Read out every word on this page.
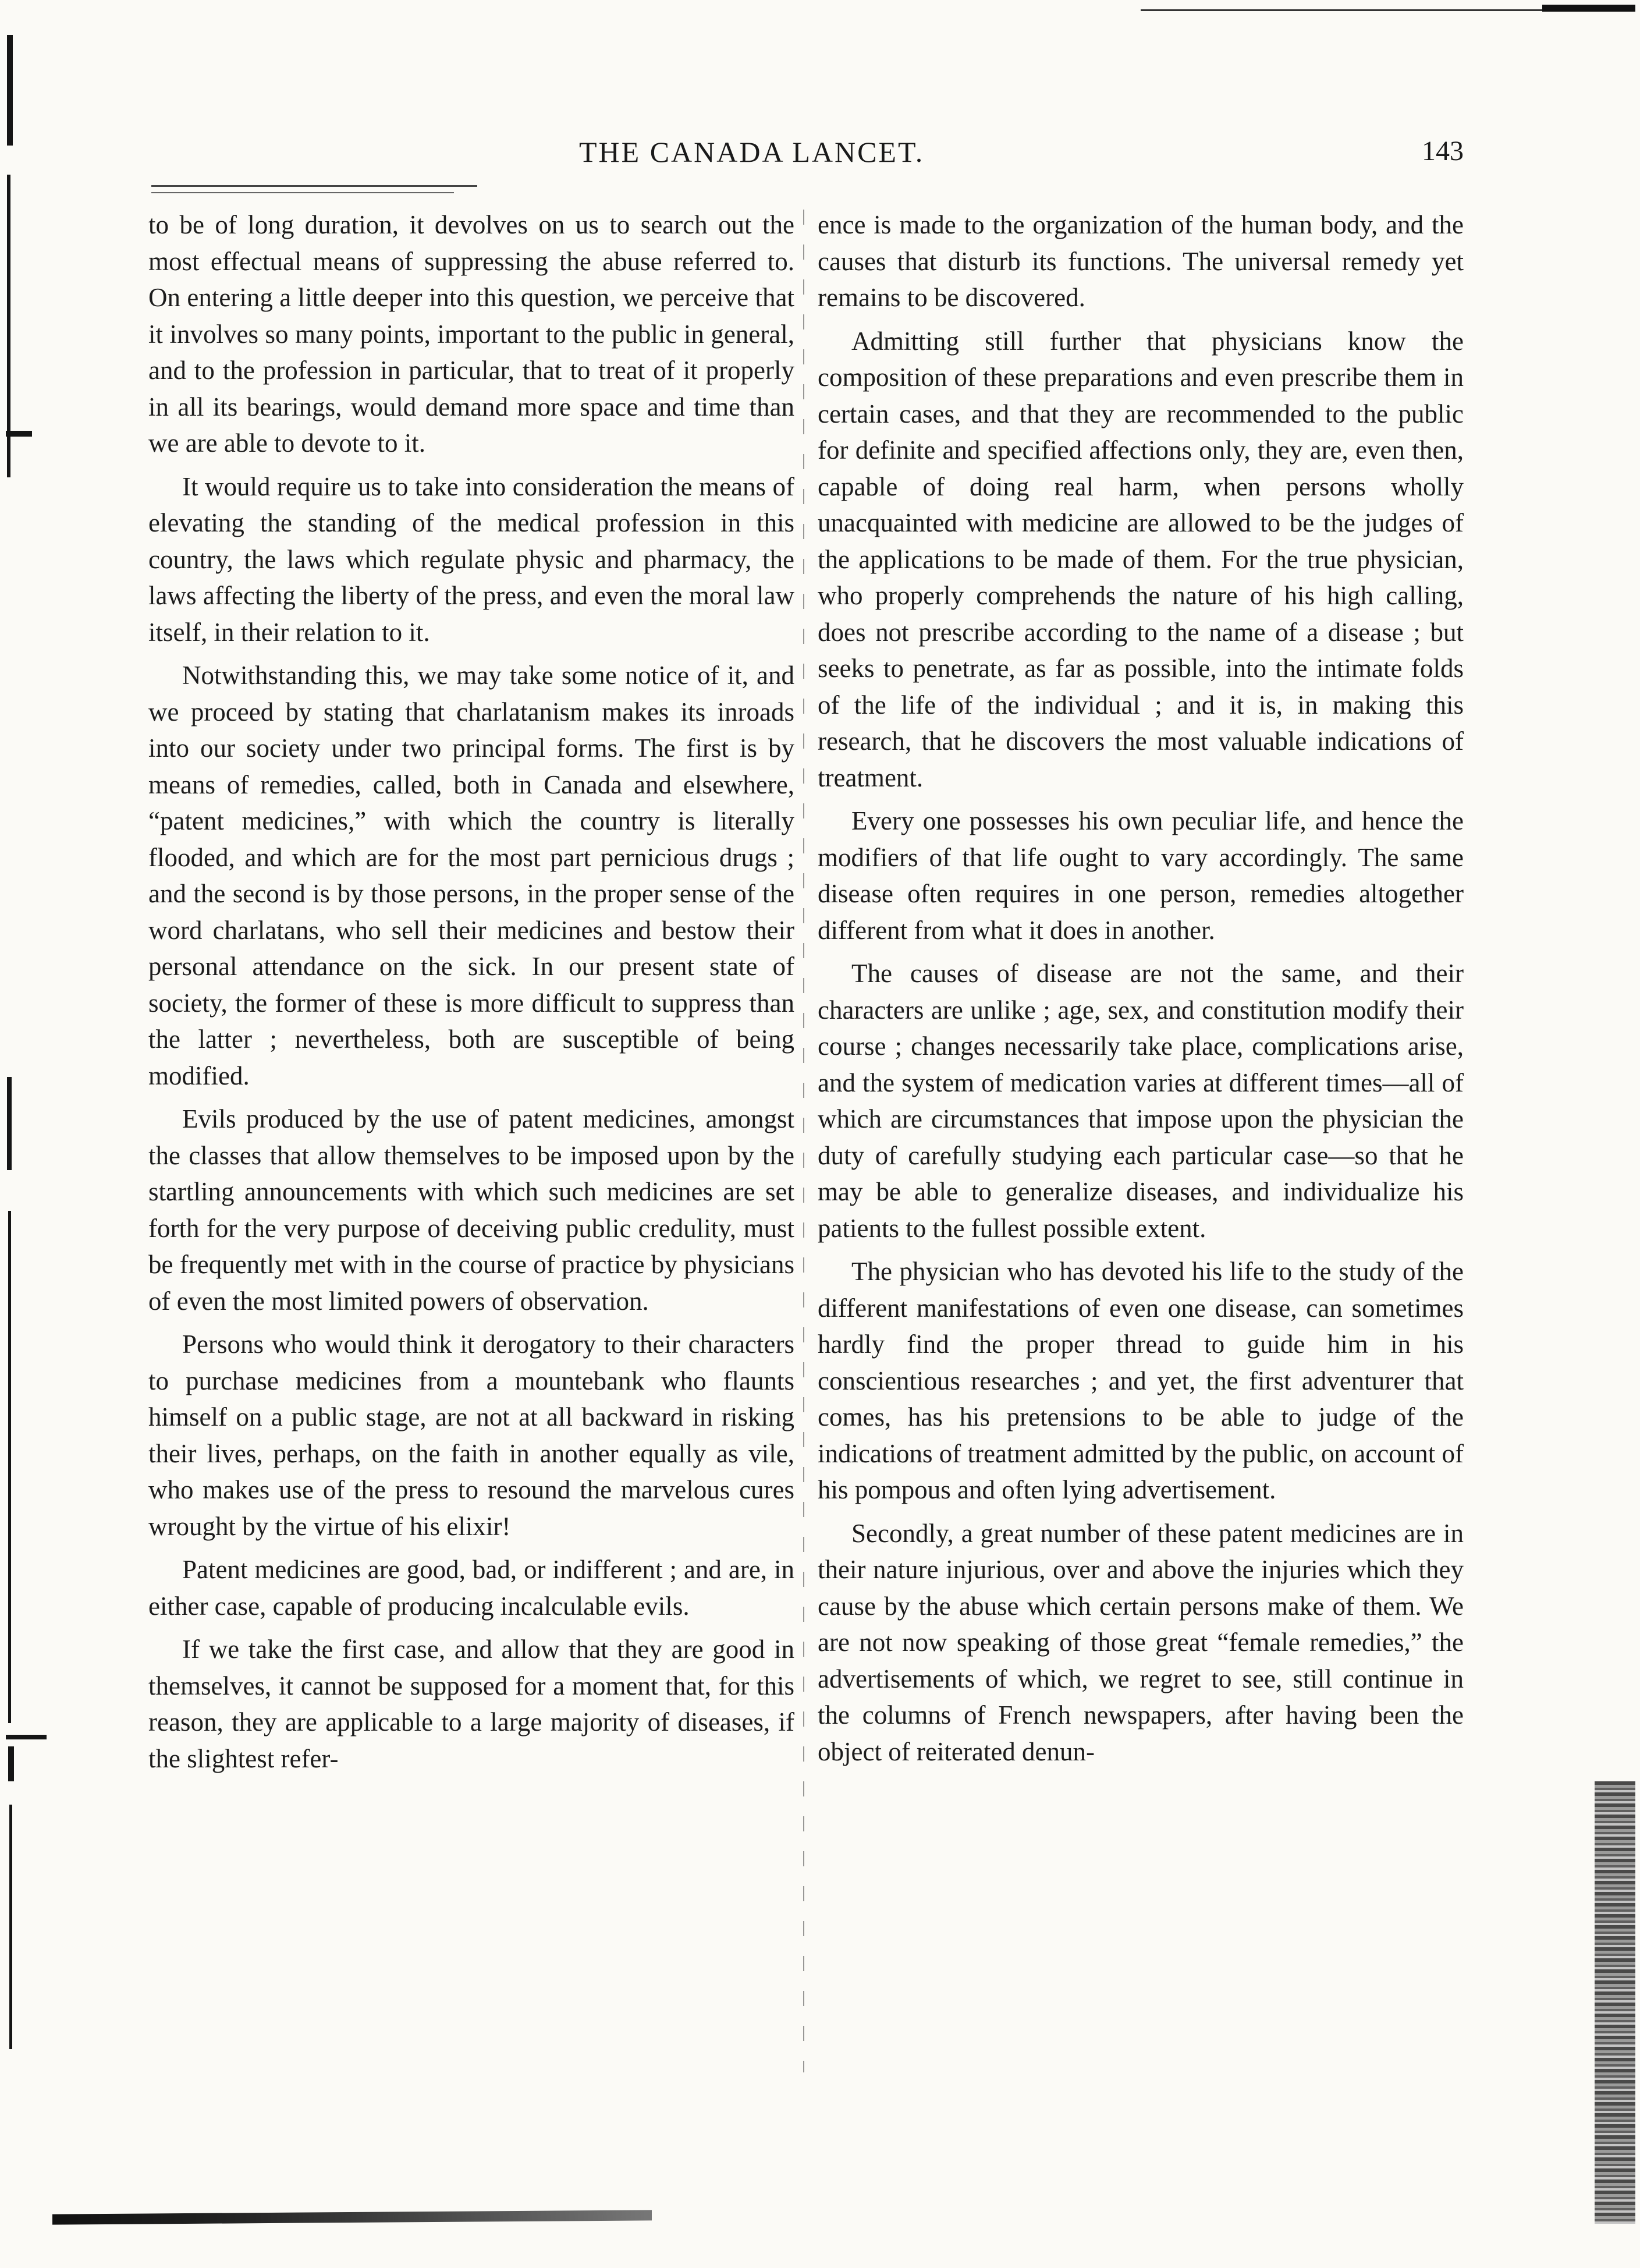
THE CANADA LANCET.	143

to be of long duration, it devolves on us to search out the most effectual means of suppressing the abuse referred to. On entering a little deeper into this question, we perceive that it involves so many points, important to the public in general, and to the profession in particular, that to treat of it properly in all its bearings, would demand more space and time than we are able to devote to it.

It would require us to take into consideration the means of elevating the standing of the medical profession in this country, the laws which regulate physic and pharmacy, the laws affecting the liberty of the press, and even the moral law itself, in their relation to it.

Notwithstanding this, we may take some notice of it, and we proceed by stating that charlatanism makes its inroads into our society under two principal forms. The first is by means of remedies, called, both in Canada and elsewhere, “patent medicines,” with which the country is literally flooded, and which are for the most part pernicious drugs ; and the second is by those persons, in the proper sense of the word charlatans, who sell their medicines and bestow their personal attendance on the sick. In our present state of society, the former of these is more difficult to suppress than the latter ; nevertheless, both are susceptible of being modified.

Evils produced by the use of patent medicines, amongst the classes that allow themselves to be imposed upon by the startling announcements with which such medicines are set forth for the very purpose of deceiving public credulity, must be frequently met with in the course of practice by physicians of even the most limited powers of observation.

Persons who would think it derogatory to their characters to purchase medicines from a mountebank who flaunts himself on a public stage, are not at all backward in risking their lives, perhaps, on the faith in another equally as vile, who makes use of the press to resound the marvelous cures wrought by the virtue of his elixir!

Patent medicines are good, bad, or indifferent ; and are, in either case, capable of producing incalculable evils.

If we take the first case, and allow that they are good in themselves, it cannot be supposed for a moment that, for this reason, they are applicable to a large majority of diseases, if the slightest refer-

ence is made to the organization of the human body, and the causes that disturb its functions. The universal remedy yet remains to be discovered.

Admitting still further that physicians know the composition of these preparations and even prescribe them in certain cases, and that they are recommended to the public for definite and specified affections only, they are, even then, capable of doing real harm, when persons wholly unacquainted with medicine are allowed to be the judges of the applications to be made of them. For the true physician, who properly comprehends the nature of his high calling, does not prescribe according to the name of a disease ; but seeks to penetrate, as far as possible, into the intimate folds of the life of the individual ; and it is, in making this research, that he discovers the most valuable indications of treatment.

Every one possesses his own peculiar life, and hence the modifiers of that life ought to vary accordingly. The same disease often requires in one person, remedies altogether different from what it does in another.

The causes of disease are not the same, and their characters are unlike ; age, sex, and constitution modify their course ; changes necessarily take place, complications arise, and the system of medication varies at different times—all of which are circumstances that impose upon the physician the duty of carefully studying each particular case—so that he may be able to generalize diseases, and individualize his patients to the fullest possible extent.

The physician who has devoted his life to the study of the different manifestations of even one disease, can sometimes hardly find the proper thread to guide him in his conscientious researches ; and yet, the first adventurer that comes, has his pretensions to be able to judge of the indications of treatment admitted by the public, on account of his pompous and often lying advertisement.

Secondly, a great number of these patent medicines are in their nature injurious, over and above the injuries which they cause by the abuse which certain persons make of them. We are not now speaking of those great “female remedies,” the advertisements of which, we regret to see, still continue in the columns of French newspapers, after having been the object of reiterated denun-
